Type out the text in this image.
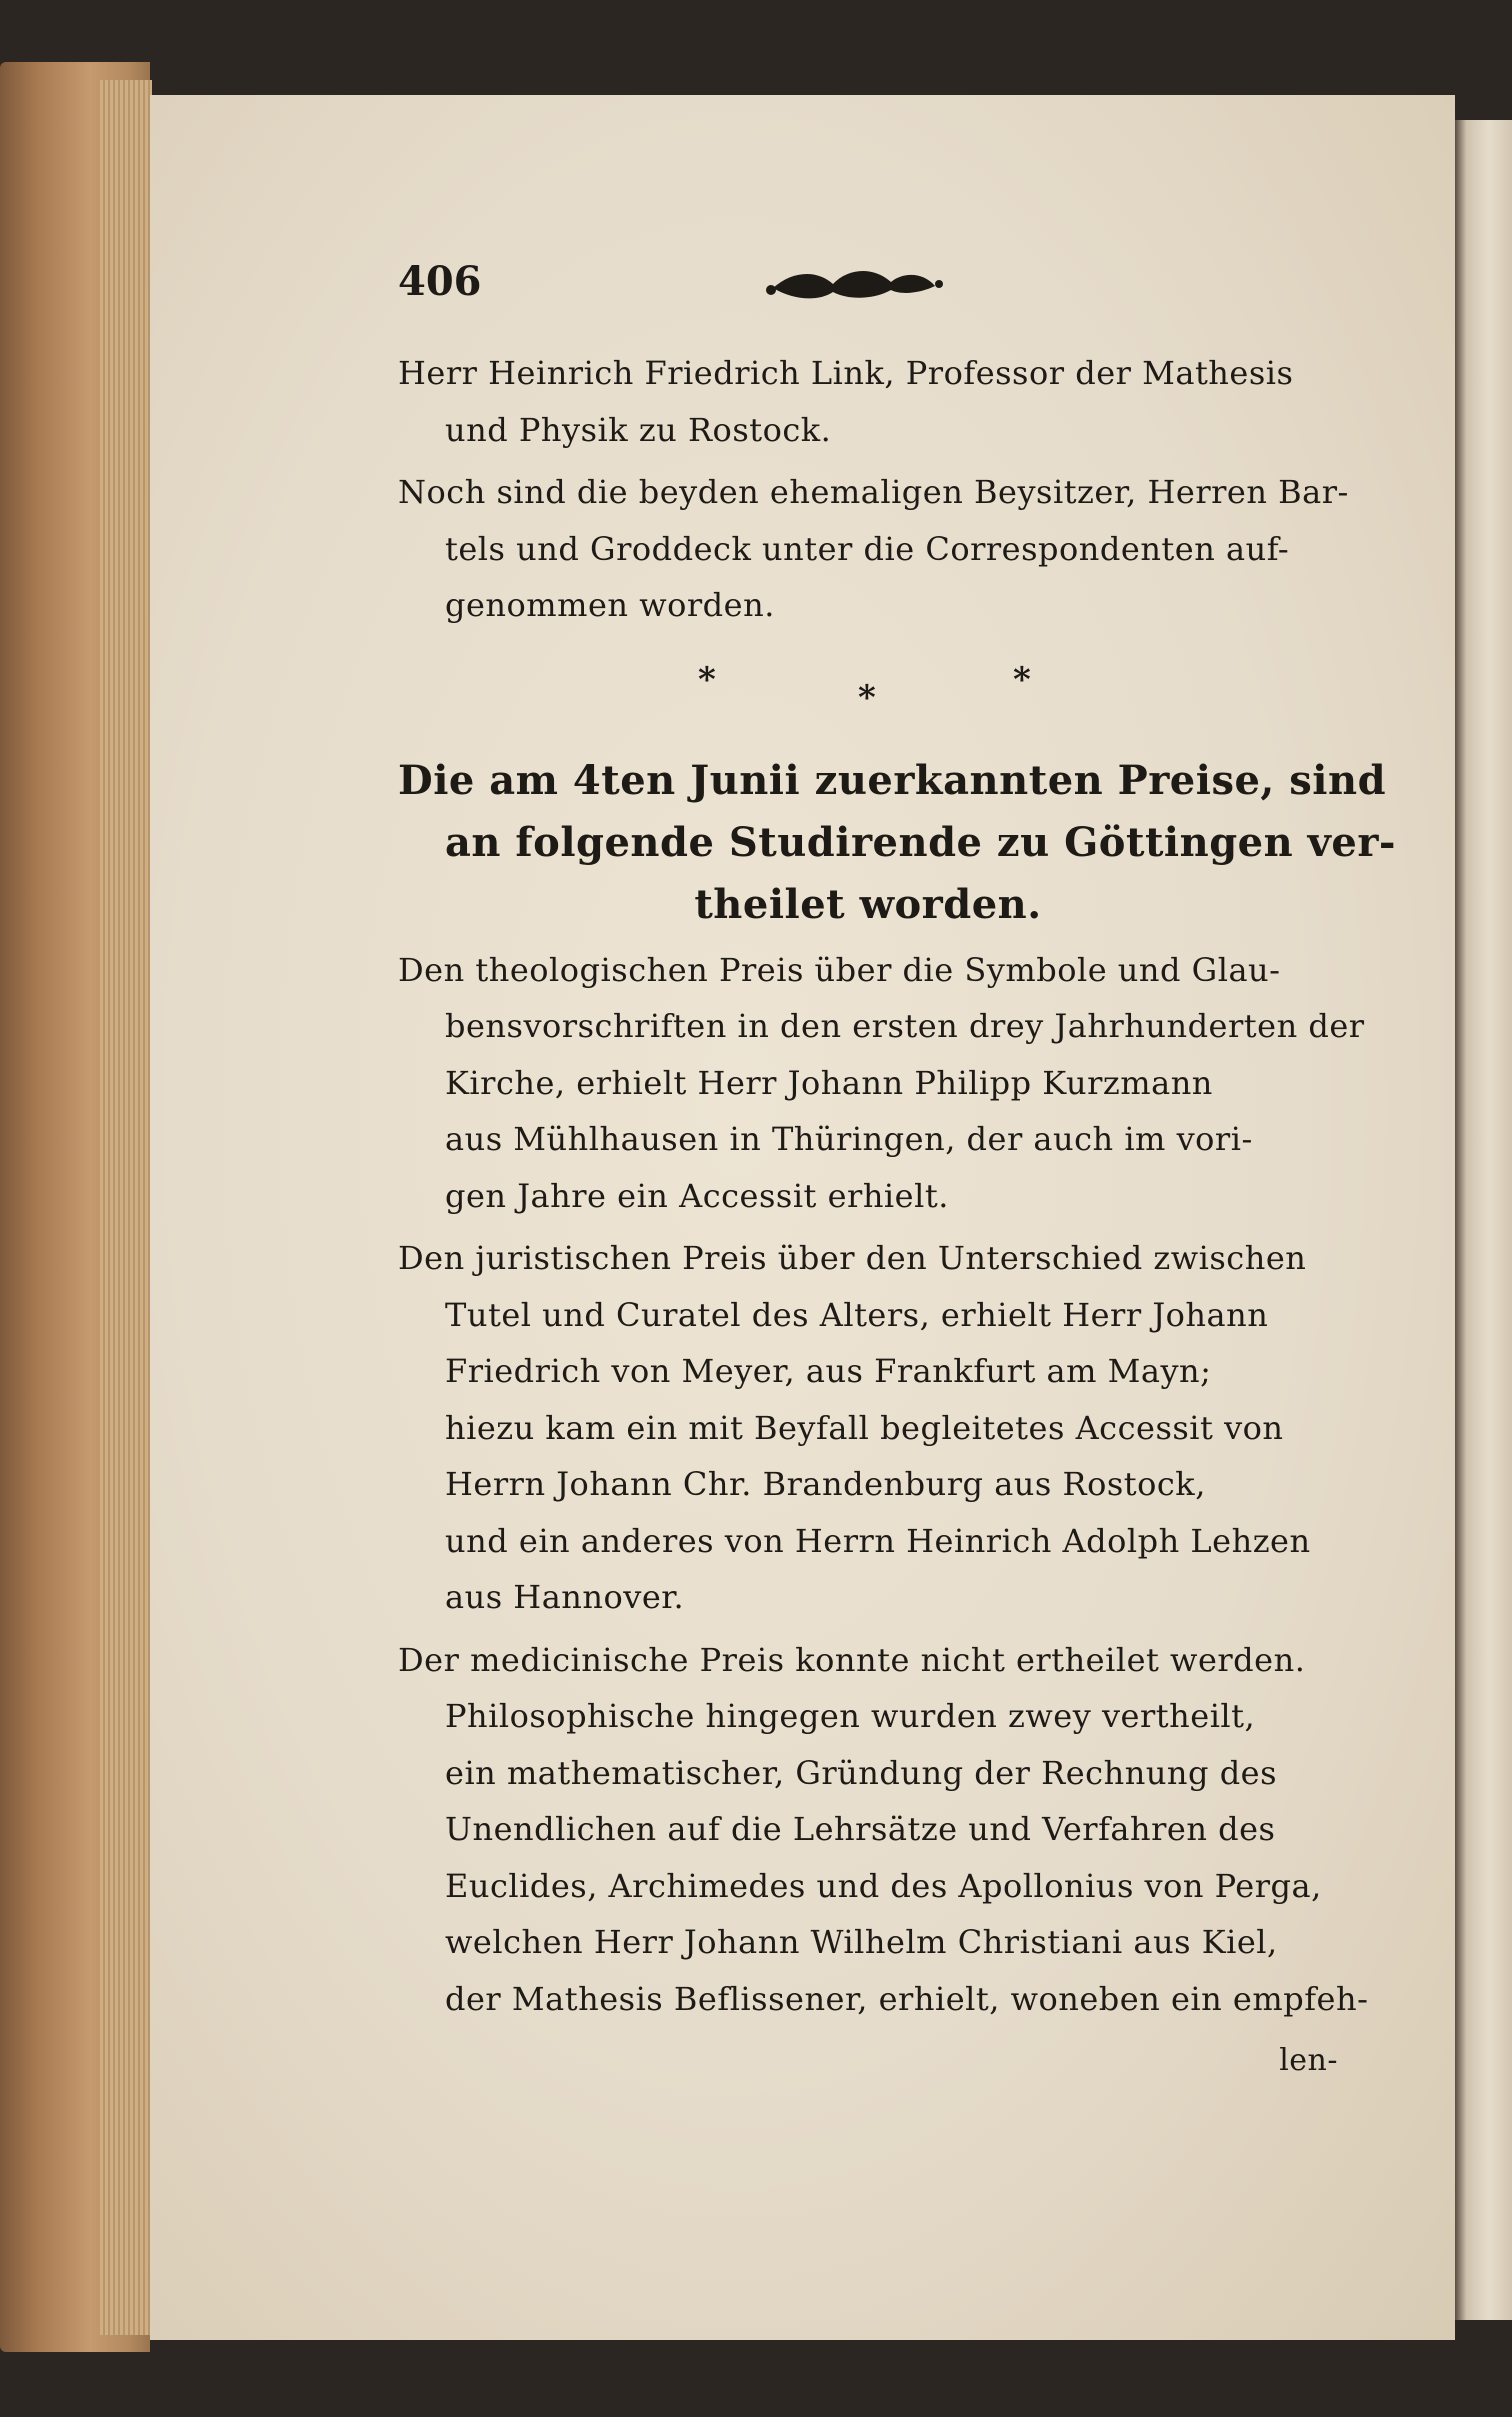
406
Herr Heinrich Friedrich Link, Professor der Mathesis
und Physik zu Rostock.
Noch sind die beyden ehemaligen Beysitzer, Herren Bar-
tels und Groddeck unter die Correspondenten auf-
genommen worden.
*	*	*
Die am 4ten Junii zuerkannten Preise, sind
an folgende Studirende zu Göttingen ver-
theilet worden.
Den theologischen Preis über die Symbole und Glau-
bensvorschriften in den ersten drey Jahrhunderten der
Kirche, erhielt Herr Johann Philipp Kurzmann
aus Mühlhausen in Thüringen, der auch im vori-
gen Jahre ein Accessit erhielt.
Den juristischen Preis über den Unterschied zwischen
Tutel und Curatel des Alters, erhielt Herr Johann
Friedrich von Meyer, aus Frankfurt am Mayn;
hiezu kam ein mit Beyfall begleitetes Accessit von
Herrn Johann Chr. Brandenburg aus Rostock,
und ein anderes von Herrn Heinrich Adolph Lehzen
aus Hannover.
Der medicinische Preis konnte nicht ertheilet werden.
Philosophische hingegen wurden zwey vertheilt,
ein mathematischer, Gründung der Rechnung des
Unendlichen auf die Lehrsätze und Verfahren des
Euclides, Archimedes und des Apollonius von Perga,
welchen Herr Johann Wilhelm Christiani aus Kiel,
der Mathesis Beflissener, erhielt, woneben ein empfeh-
len-
